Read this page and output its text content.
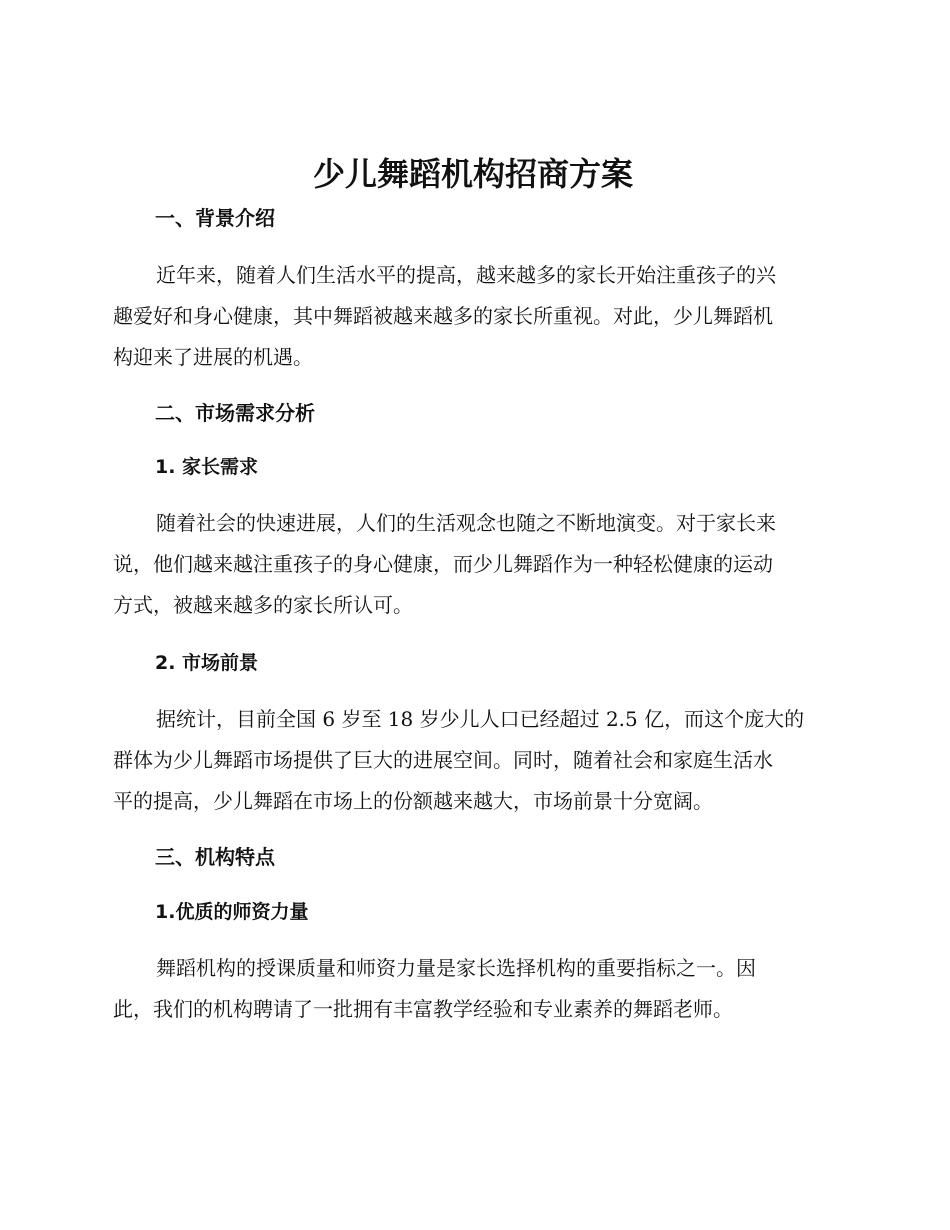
少儿舞蹈机构招商方案
一、背景介绍
近年来，随着人们生活水平的提高，越来越多的家长开始注重孩子的兴
趣爱好和身心健康，其中舞蹈被越来越多的家长所重视。对此，少儿舞蹈机
构迎来了进展的机遇。
二、市场需求分析
1. 家长需求
随着社会的快速进展，人们的生活观念也随之不断地演变。对于家长来
说，他们越来越注重孩子的身心健康，而少儿舞蹈作为一种轻松健康的运动
方式，被越来越多的家长所认可。
2. 市场前景
据统计，目前全国 6 岁至 18 岁少儿人口已经超过 2.5 亿，而这个庞大的
群体为少儿舞蹈市场提供了巨大的进展空间。同时，随着社会和家庭生活水
平的提高，少儿舞蹈在市场上的份额越来越大，市场前景十分宽阔。
三、机构特点
1.优质的师资力量
舞蹈机构的授课质量和师资力量是家长选择机构的重要指标之一。因
此，我们的机构聘请了一批拥有丰富教学经验和专业素养的舞蹈老师。
